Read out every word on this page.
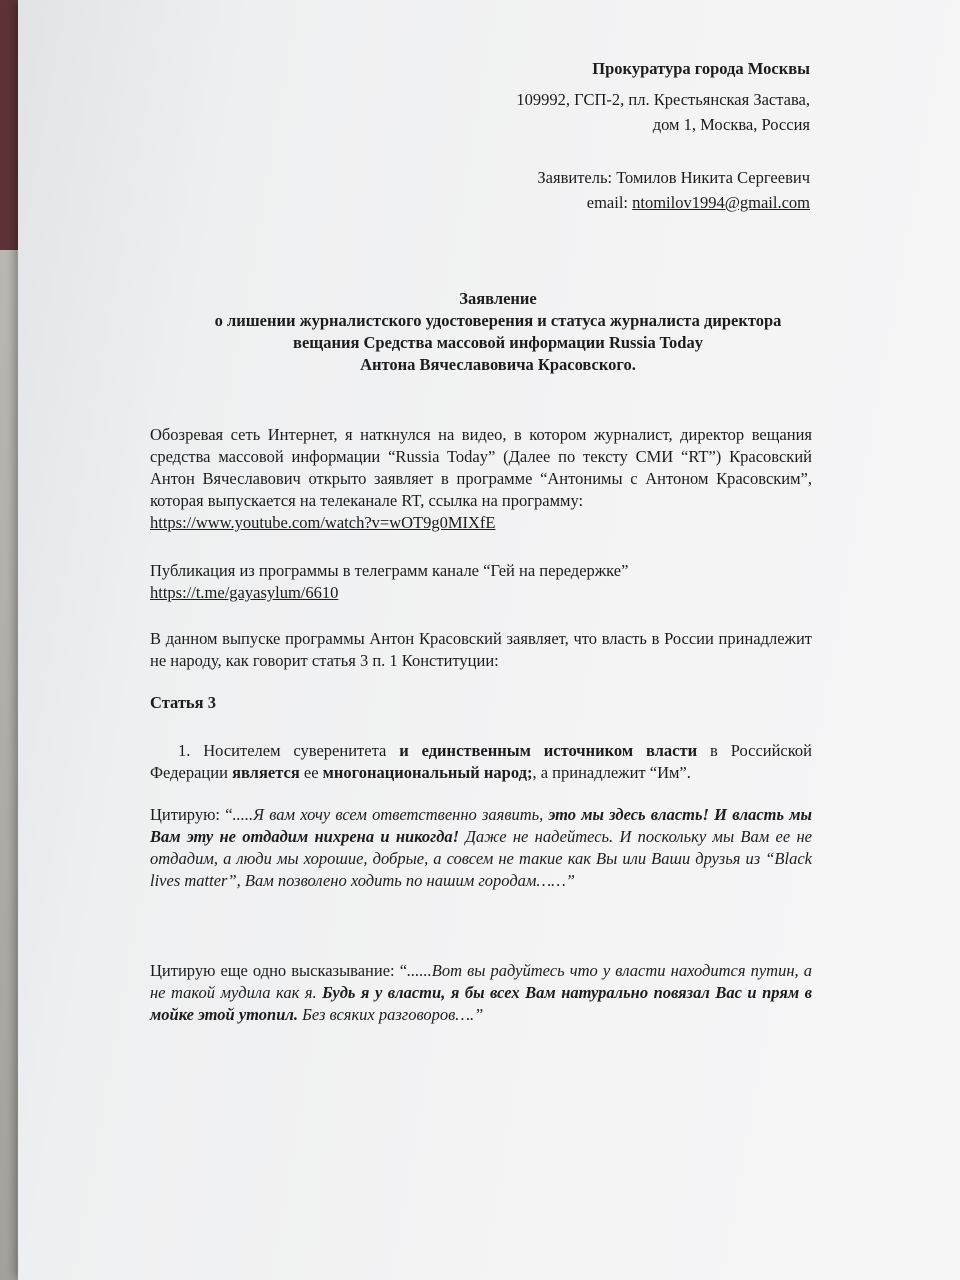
Прокуратура города Москвы
109992, ГСП-2, пл. Крестьянская Застава,
дом 1, Москва, Россия
Заявитель: Томилов Никита Сергеевич
email: ntomilov1994@gmail.com
Заявление
о лишении журналистского удостоверения и статуса журналиста директора
вещания Средства массовой информации Russia Today
Антона Вячеславовича Красовского.
Обозревая сеть Интернет, я наткнулся на видео, в котором журналист, директор вещания средства массовой информации “Russia Today” (Далее по тексту СМИ “RT”) Красовский Антон Вячеславович открыто заявляет в программе “Антонимы с Антоном Красовским”, которая выпускается на телеканале RT, ссылка на программу:
https://www.youtube.com/watch?v=wOT9g0MIXfE
Публикация из программы в телеграмм канале “Гей на передержке”
https://t.me/gayasylum/6610
В данном выпуске программы Антон Красовский заявляет, что власть в России принадлежит не народу, как говорит статья 3 п. 1 Конституции:
Статья 3
1. Носителем суверенитета и единственным источником власти в Российской Федерации является ее многонациональный народ;, а принадлежит “Им”.
Цитирую: “.....Я вам хочу всем ответственно заявить, это мы здесь власть! И власть мы Вам эту не отдадим нихрена и никогда! Даже не надейтесь. И поскольку мы Вам ее не отдадим, а люди мы хорошие, добрые, а совсем не такие как Вы или Ваши друзья из “Black lives matter”, Вам позволено ходить по нашим городам……”
Цитирую еще одно высказывание: “......Вот вы радуйтесь что у власти находится путин, а не такой мудила как я. Будь я у власти, я бы всех Вам натурально повязал Вас и прям в мойке этой утопил. Без всяких разговоров….”
